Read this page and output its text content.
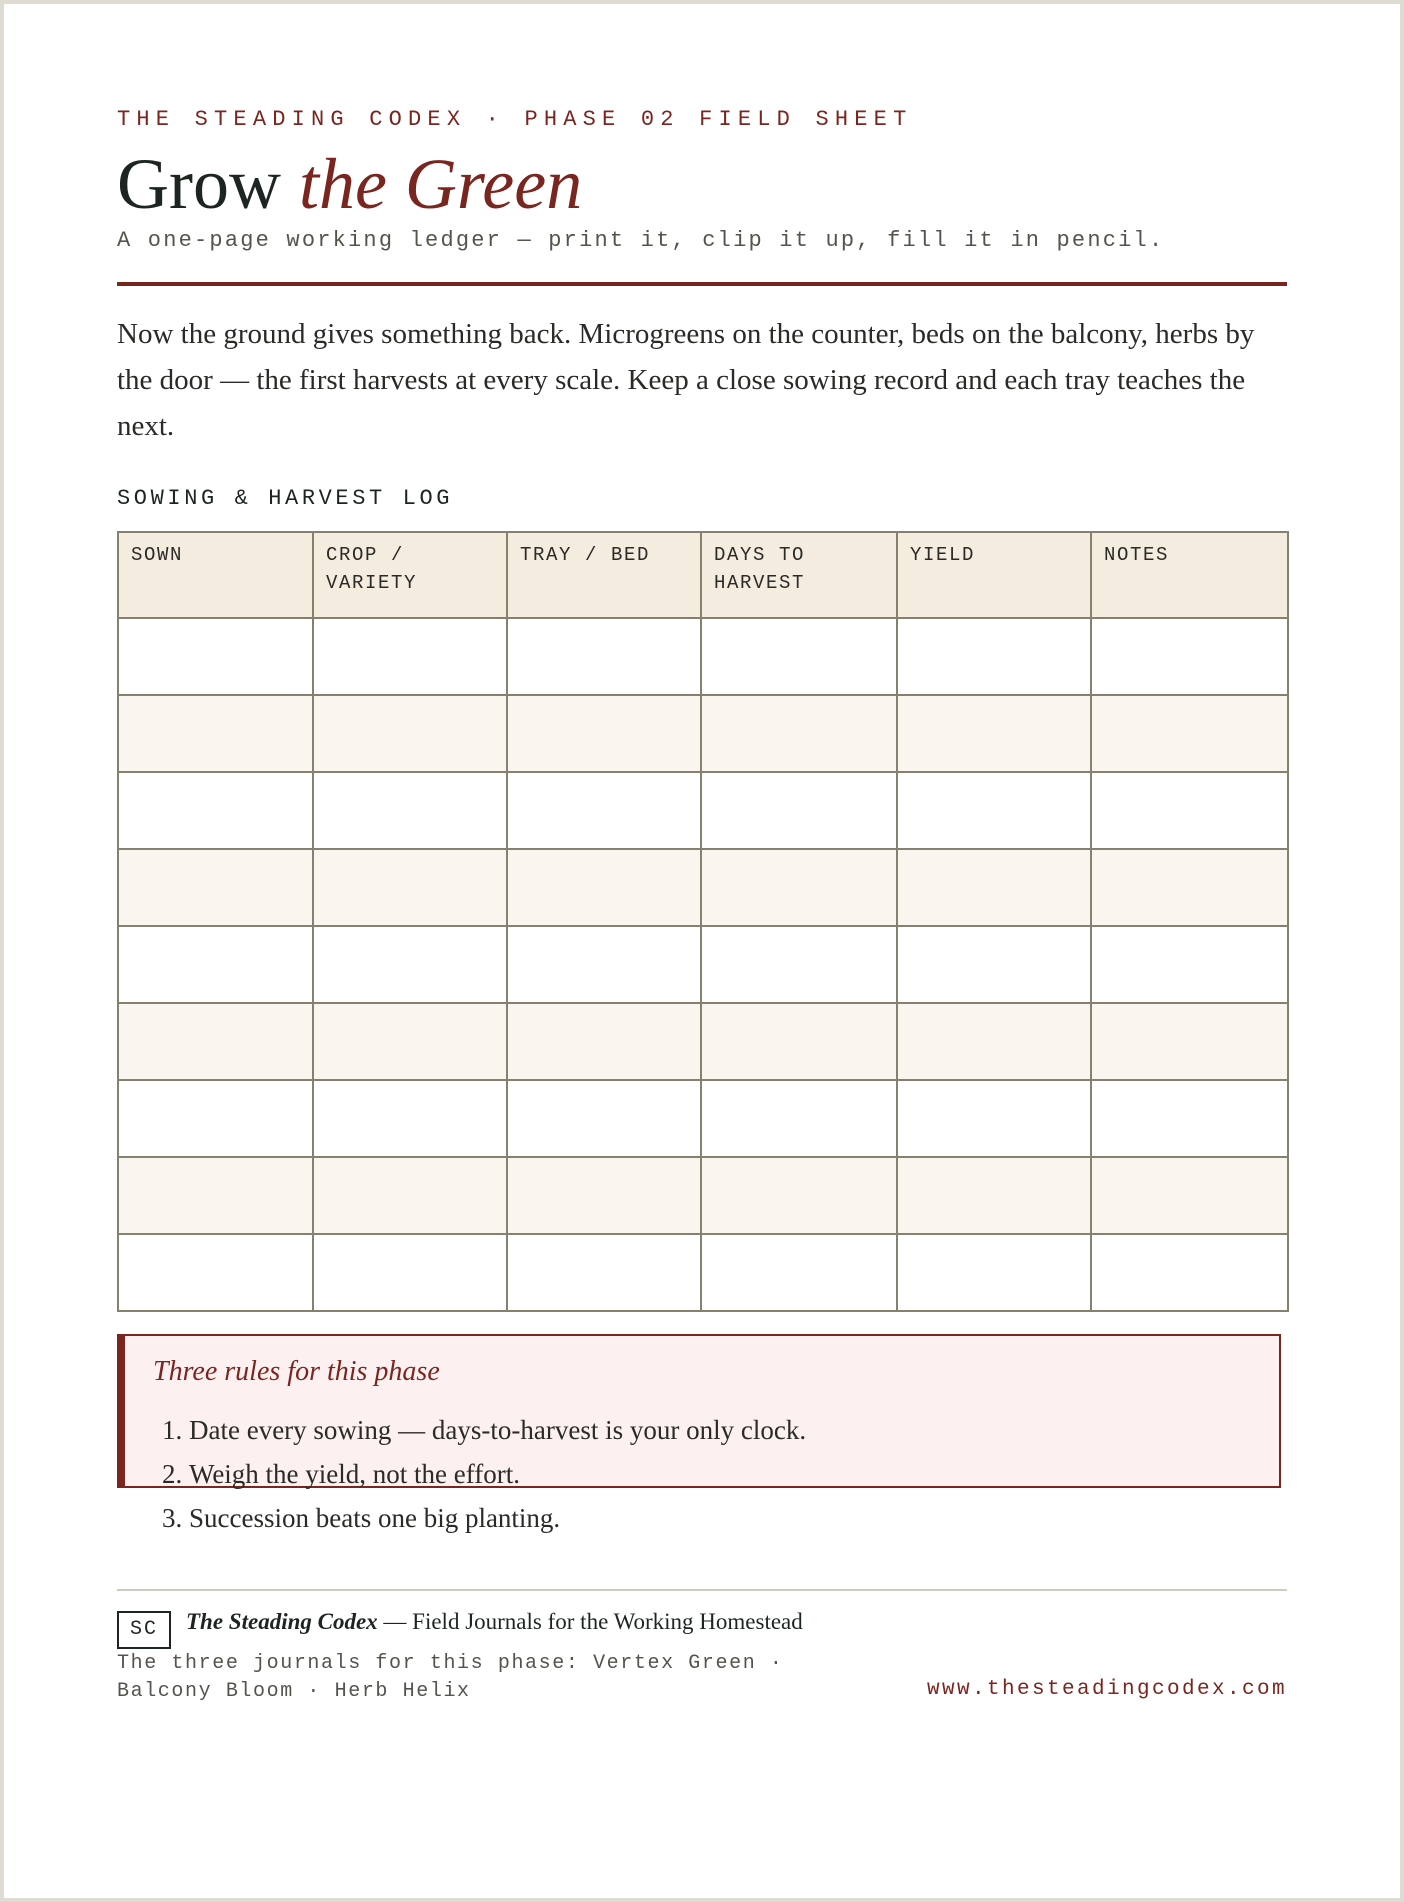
THE STEADING CODEX · PHASE 02 FIELD SHEET
Grow the Green
A one-page working ledger — print it, clip it up, fill it in pencil.

Now the ground gives something back. Microgreens on the counter, beds on the balcony, herbs by the door — the first harvests at every scale. Keep a close sowing record and each tray teaches the next.

SOWING & HARVEST LOG
SOWN	CROP / VARIETY	TRAY / BED	DAYS TO HARVEST	YIELD	NOTES

Three rules for this phase
1. Date every sowing — days-to-harvest is your only clock.
2. Weigh the yield, not the effort.
3. Succession beats one big planting.
SC	The Steading Codex — Field Journals for the Working Homestead
The three journals for this phase: Vertex Green · Balcony Bloom · Herb Helix	www.thesteadingcodex.com
